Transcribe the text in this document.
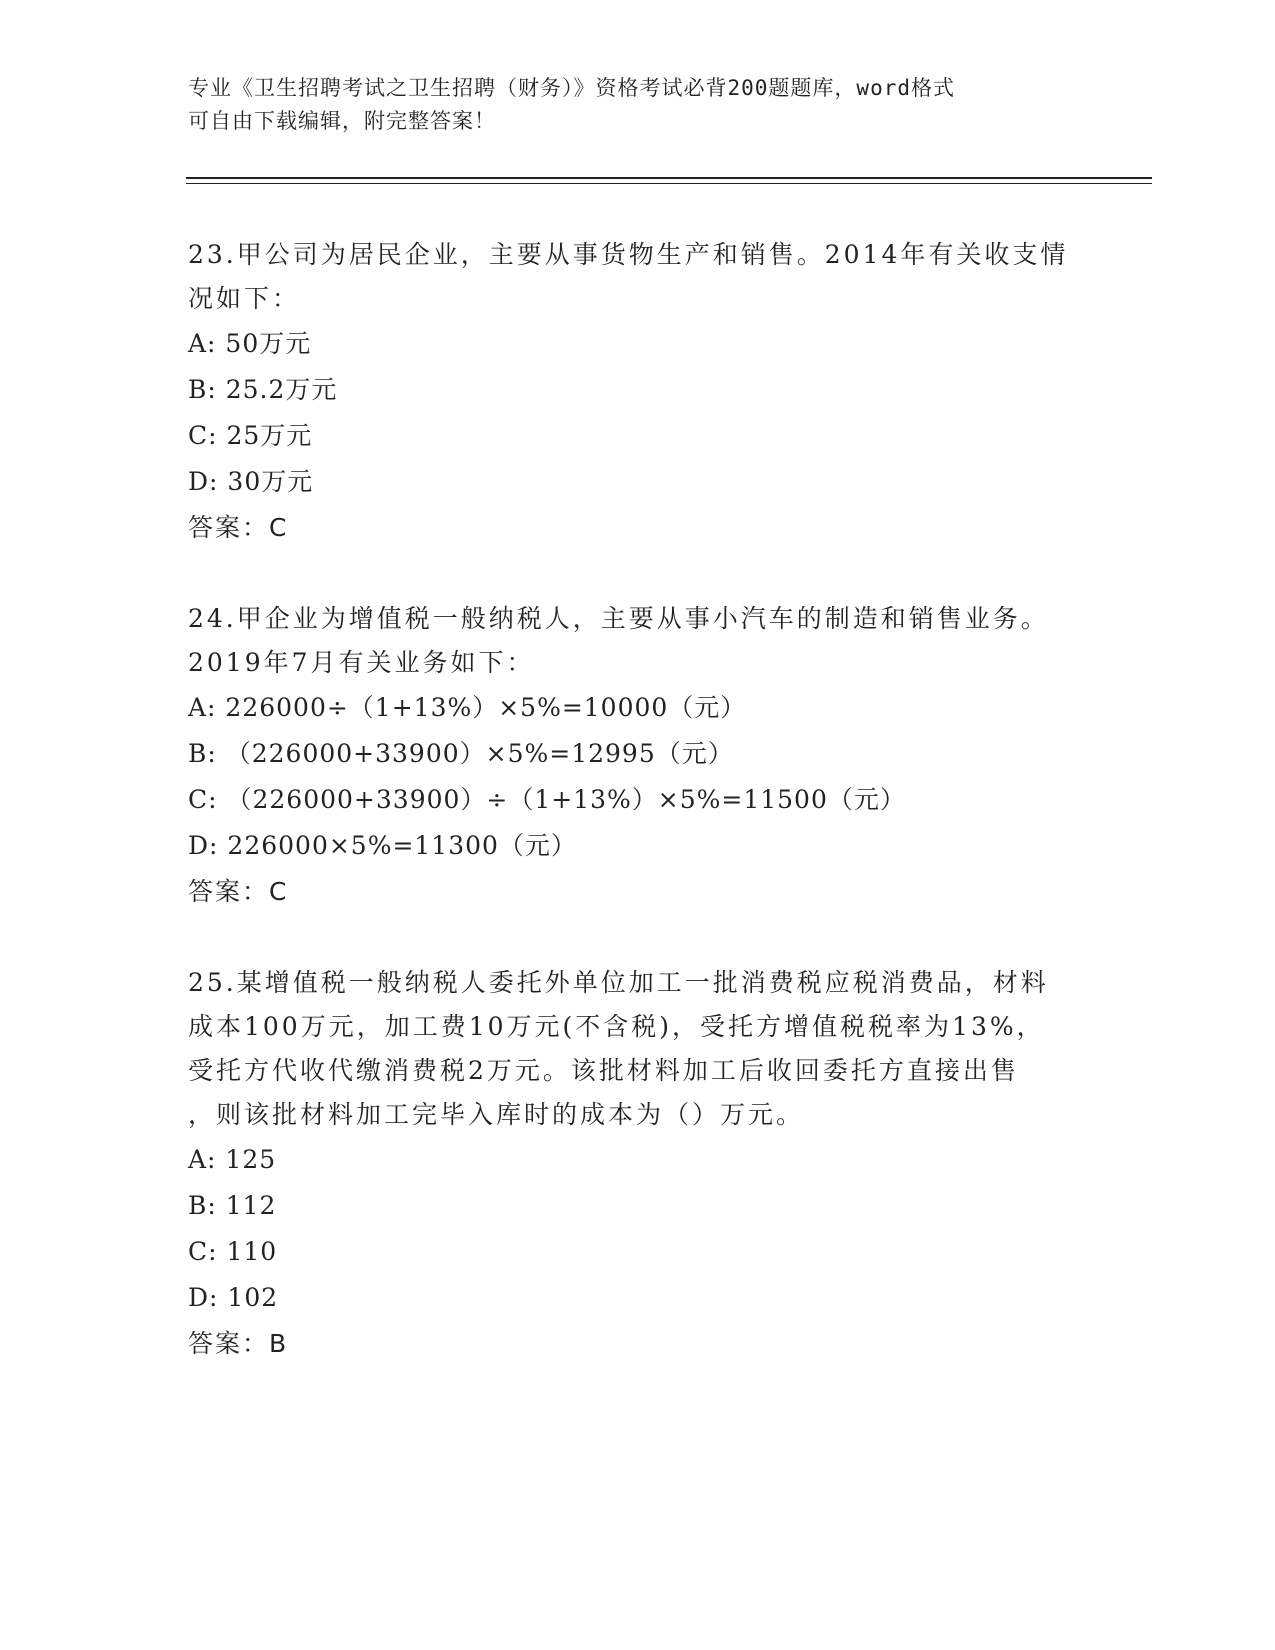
专业《卫生招聘考试之卫生招聘（财务）》资格考试必背200题题库，word格式
可自由下载编辑，附完整答案！
23.甲公司为居民企业，主要从事货物生产和销售。2014年有关收支情
况如下：
A: 50万元
B: 25.2万元
C: 25万元
D: 30万元
答案：C
24.甲企业为增值税一般纳税人，主要从事小汽车的制造和销售业务。
2019年7月有关业务如下：
A: 226000÷（1+13%）×5%=10000（元）
B: （226000+33900）×5%=12995（元）
C: （226000+33900）÷（1+13%）×5%=11500（元）
D: 226000×5%=11300（元）
答案：C
25.某增值税一般纳税人委托外单位加工一批消费税应税消费品，材料
成本100万元，加工费10万元(不含税)，受托方增值税税率为13%，
受托方代收代缴消费税2万元。该批材料加工后收回委托方直接出售
，则该批材料加工完毕入库时的成本为（）万元。
A: 125
B: 112
C: 110
D: 102
答案：B
